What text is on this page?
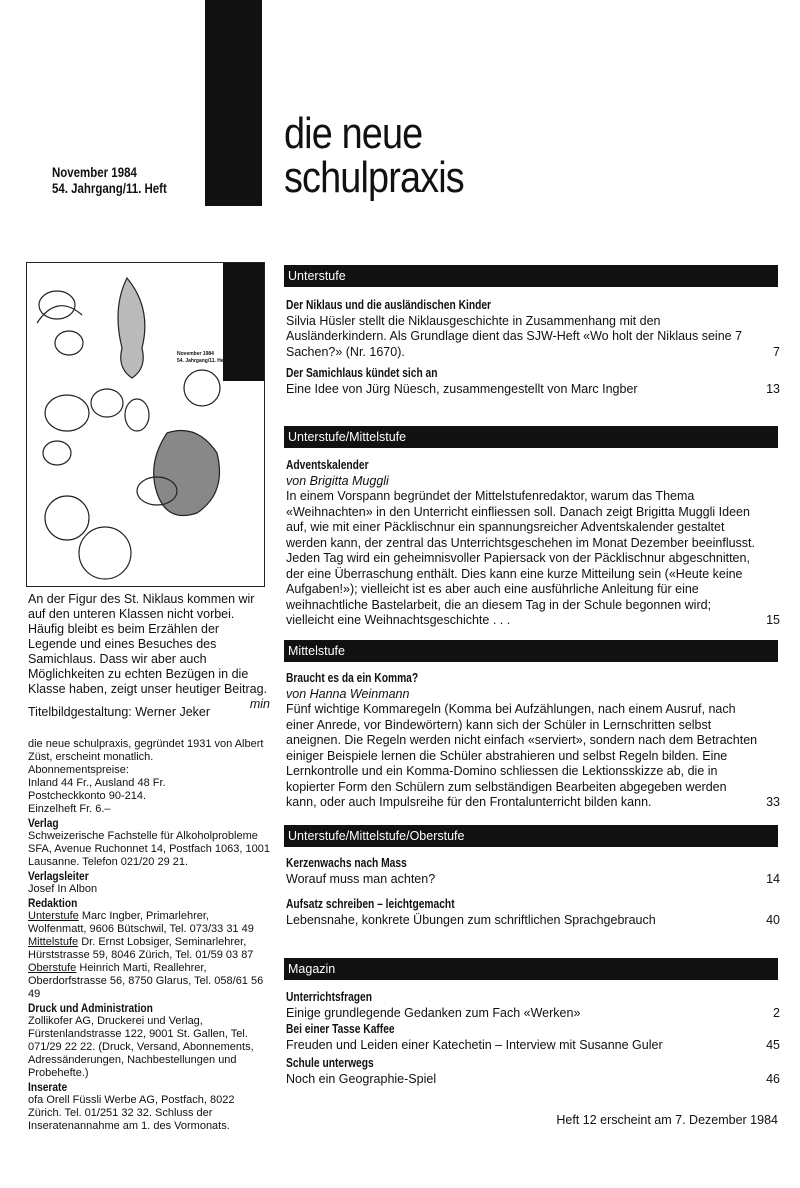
November 1984
54. Jahrgang/11. Heft
die neue
schulpraxis
die neue
schulpraxis
November 1984
54. Jahrgang/11. Heft
An der Figur des St. Niklaus kommen wir auf den unteren Klassen nicht vorbei. Häufig bleibt es beim Erzählen der Legende und eines Besuches des Samichlaus. Dass wir aber auch Möglichkeiten zu echten Bezügen in die Klasse haben, zeigt unser heutiger Beitrag.
min
Titelbildgestaltung: Werner Jeker
die neue schulpraxis, gegründet 1931 von Albert Züst, erscheint monatlich.
Abonnementspreise:
Inland 44 Fr., Ausland 48 Fr.
Postcheckkonto 90-214.
Einzelheft Fr. 6.–
Verlag
Schweizerische Fachstelle für Alkoholprobleme SFA, Avenue Ruchonnet 14, Postfach 1063, 1001 Lausanne. Telefon 021/20 29 21.
Verlagsleiter
Josef In Albon
Redaktion
Unterstufe Marc Ingber, Primarlehrer, Wolfenmatt, 9606 Bütschwil, Tel. 073/33 31 49
Mittelstufe Dr. Ernst Lobsiger, Seminarlehrer, Hürststrasse 59, 8046 Zürich, Tel. 01/59 03 87
Oberstufe Heinrich Marti, Reallehrer, Oberdorfstrasse 56, 8750 Glarus, Tel. 058/61 56 49
Druck und Administration
Zollikofer AG, Druckerei und Verlag, Fürstenlandstrasse 122, 9001 St. Gallen, Tel. 071/29 22 22. (Druck, Versand, Abonnements, Adressänderungen, Nachbestellungen und Probehefte.)
Inserate
ofa Orell Füssli Werbe AG, Postfach, 8022 Zürich. Tel. 01/251 32 32. Schluss der Inseratenannahme am 1. des Vormonats.
Unterstufe
Der Niklaus und die ausländischen Kinder
Silvia Hüsler stellt die Niklausgeschichte in Zusammenhang mit den Ausländerkindern. Als Grundlage dient das SJW-Heft «Wo holt der Niklaus seine 7 Sachen?» (Nr. 1670).	7
Der Samichlaus kündet sich an
Eine Idee von Jürg Nüesch, zusammengestellt von Marc Ingber	13
Unterstufe/Mittelstufe
Adventskalender
von Brigitta Muggli
In einem Vorspann begründet der Mittelstufenredaktor, warum das Thema «Weihnachten» in den Unterricht einfliessen soll. Danach zeigt Brigitta Muggli Ideen auf, wie mit einer Päcklischnur ein spannungsreicher Adventskalender gestaltet werden kann, der zentral das Unterrichtsgeschehen im Monat Dezember beeinflusst. Jeden Tag wird ein geheimnisvoller Papiersack von der Päcklischnur abgeschnitten, der eine Überraschung enthält. Dies kann eine kurze Mitteilung sein («Heute keine Aufgaben!»); vielleicht ist es aber auch eine ausführliche Anleitung für eine weihnachtliche Bastelarbeit, die an diesem Tag in der Schule begonnen wird; vielleicht eine Weihnachtsgeschichte . . .	15
Mittelstufe
Braucht es da ein Komma?
von Hanna Weinmann
Fünf wichtige Kommaregeln (Komma bei Aufzählungen, nach einem Ausruf, nach einer Anrede, vor Bindewörtern) kann sich der Schüler in Lernschritten selbst aneignen. Die Regeln werden nicht einfach «serviert», sondern nach dem Betrachten einiger Beispiele lernen die Schüler abstrahieren und selbst Regeln bilden. Eine Lernkontrolle und ein Komma-Domino schliessen die Lektionsskizze ab, die in kopierter Form den Schülern zum selbständigen Bearbeiten abgegeben werden kann, oder auch Impulsreihe für den Frontalunterricht bilden kann.	33
Unterstufe/Mittelstufe/Oberstufe
Kerzenwachs nach Mass
Worauf muss man achten?	14
Aufsatz schreiben – leichtgemacht
Lebensnahe, konkrete Übungen zum schriftlichen Sprachgebrauch	40
Magazin
Unterrichtsfragen
Einige grundlegende Gedanken zum Fach «Werken»	2
Bei einer Tasse Kaffee
Freuden und Leiden einer Katechetin – Interview mit Susanne Guler	45
Schule unterwegs
Noch ein Geographie-Spiel	46
Heft 12 erscheint am 7. Dezember 1984
